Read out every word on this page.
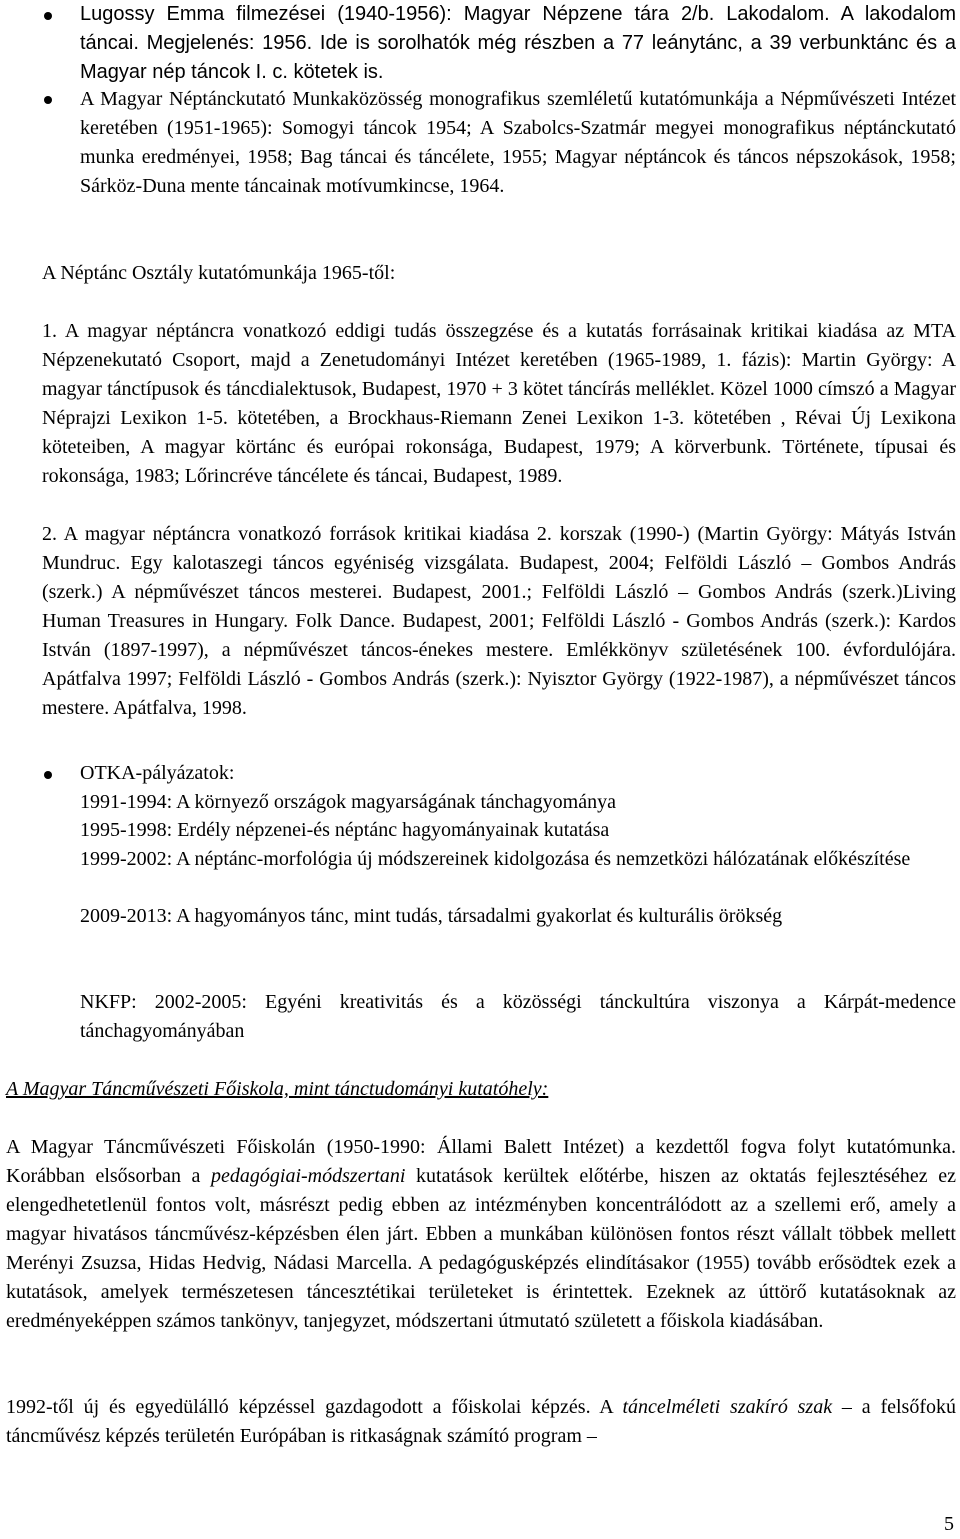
Lugossy Emma filmezései (1940-1956): Magyar Népzene tára 2/b. Lakodalom. A lakodalom táncai. Megjelenés: 1956. Ide is sorolhatók még részben a 77 leánytánc, a 39 verbunktánc és a Magyar nép táncok I. c. kötetek is.

A Magyar Néptánckutató Munkaközösség monografikus szemléletű kutatómunkája a Népművészeti Intézet keretében (1951-1965): Somogyi táncok 1954; A Szabolcs-Szatmár megyei monografikus néptánckutató munka eredményei, 1958; Bag táncai és táncélete, 1955; Magyar néptáncok és táncos népszokások, 1958; Sárköz-Duna mente táncainak motívumkincse, 1964.

A Néptánc Osztály kutatómunkája 1965-től:

1. A magyar néptáncra vonatkozó eddigi tudás összegzése és a kutatás forrásainak kritikai kiadása az MTA Népzenekutató Csoport, majd a Zenetudományi Intézet keretében (1965-1989, 1. fázis): Martin György: A magyar tánctípusok és táncdialektusok, Budapest, 1970 + 3 kötet táncírás melléklet. Közel 1000 címszó a Magyar Néprajzi Lexikon 1-5. kötetében, a Brockhaus-Riemann Zenei Lexikon 1-3. kötetében , Révai Új Lexikona köteteiben, A magyar körtánc és európai rokonsága, Budapest, 1979; A körverbunk. Története, típusai és rokonsága, 1983; Lőrincréve táncélete és táncai, Budapest, 1989.

2. A magyar néptáncra vonatkozó források kritikai kiadása 2. korszak (1990-) (Martin György: Mátyás István Mundruc. Egy kalotaszegi táncos egyéniség vizsgálata. Budapest, 2004; Felföldi László – Gombos András (szerk.) A népművészet táncos mesterei. Budapest, 2001.; Felföldi László – Gombos András (szerk.)Living Human Treasures in Hungary. Folk Dance. Budapest, 2001; Felföldi László - Gombos András (szerk.): Kardos István (1897-1997), a népművészet táncos-énekes mestere. Emlékkönyv születésének 100. évfordulójára. Apátfalva 1997; Felföldi László - Gombos András (szerk.): Nyisztor György (1922-1987), a népművészet táncos mestere. Apátfalva, 1998.

OTKA-pályázatok:

1991-1994: A környező országok magyarságának tánchagyománya

1995-1998: Erdély népzenei-és néptánc hagyományainak kutatása

1999-2002: A néptánc-morfológia új módszereinek kidolgozása és nemzetközi hálózatának előkészítése

2009-2013: A hagyományos tánc, mint tudás, társadalmi gyakorlat és kulturális örökség

NKFP: 2002-2005: Egyéni kreativitás és a közösségi tánckultúra viszonya a Kárpát-medence tánchagyományában

A Magyar Táncművészeti Főiskola, mint tánctudományi kutatóhely:

A Magyar Táncművészeti Főiskolán (1950-1990: Állami Balett Intézet) a kezdettől fogva folyt kutatómunka. Korábban elsősorban a pedagógiai-módszertani kutatások kerültek előtérbe, hiszen az oktatás fejlesztéséhez ez elengedhetetlenül fontos volt, másrészt pedig ebben az intézményben koncentrálódott az a szellemi erő, amely a magyar hivatásos táncművész-képzésben élen járt. Ebben a munkában különösen fontos részt vállalt többek mellett Merényi Zsuzsa, Hidas Hedvig, Nádasi Marcella. A pedagógusképzés elindításakor (1955) tovább erősödtek ezek a kutatások, amelyek természetesen táncesztétikai területeket is érintettek. Ezeknek az úttörő kutatásoknak az eredményeképpen számos tankönyv, tanjegyzet, módszertani útmutató született a főiskola kiadásában.

1992-től új és egyedülálló képzéssel gazdagodott a főiskolai képzés. A táncelméleti szakíró szak – a felsőfokú táncművész képzés területén Európában is ritkaságnak számító program –

5
